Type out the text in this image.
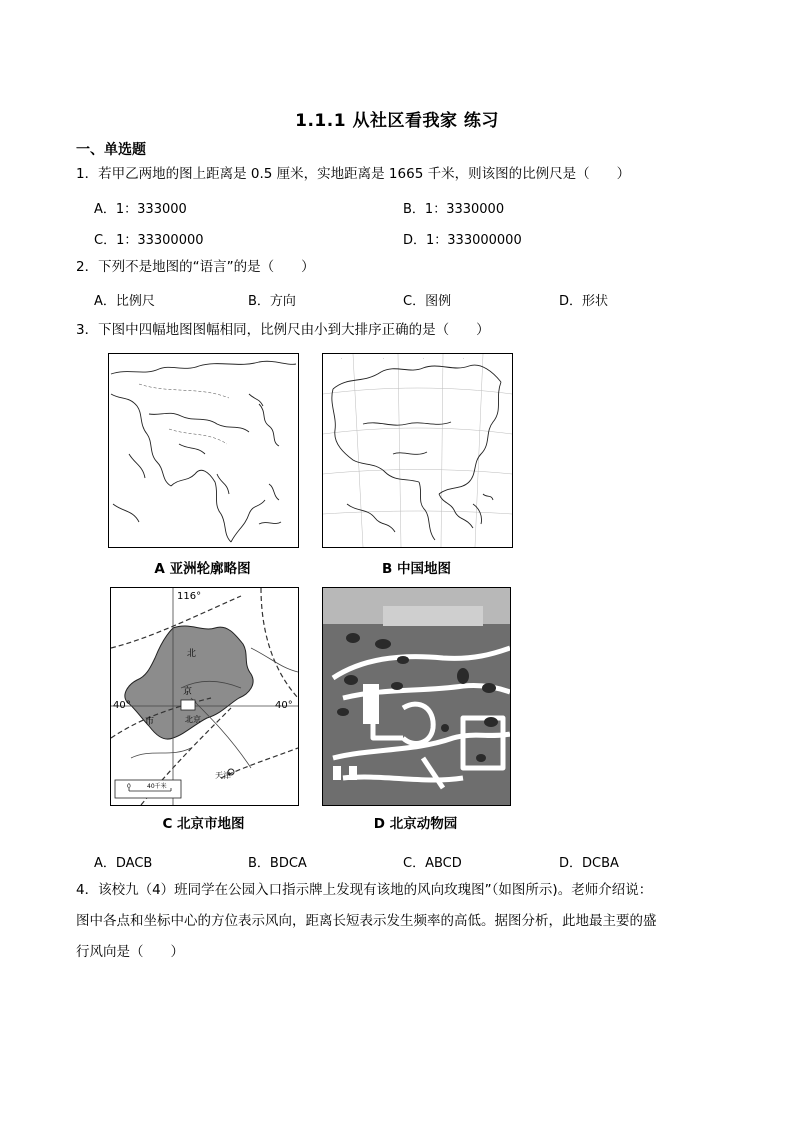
1.1.1 从社区看我家 练习
一、单选题
1．若甲乙两地的图上距离是 0.5 厘米，实地距离是 1665 千米，则该图的比例尺是（　　）
A．1：333000	B．1：3330000
C．1：33300000	D．1：333000000
2．下列不是地图的“语言”的是（　　）
A．比例尺	B．方向	C．图例	D．形状
3．下图中四幅地图图幅相同，比例尺由小到大排序正确的是（　　）
A 亚洲轮廓略图
·	·	·	·
B 中国地图
116°
40°	40°
北
京
市	北京
天津
0	40千米
C 北京市地图	D 北京动物园
A．DACB	B．BDCA	C．ABCD	D．DCBA
4．该校九（4）班同学在公园入口指示牌上发现有该地的风向玫瑰图”（如图所示)。老师介绍说：
图中各点和坐标中心的方位表示风向，距离长短表示发生频率的高低。据图分析，此地最主要的盛
行风向是（　　）
